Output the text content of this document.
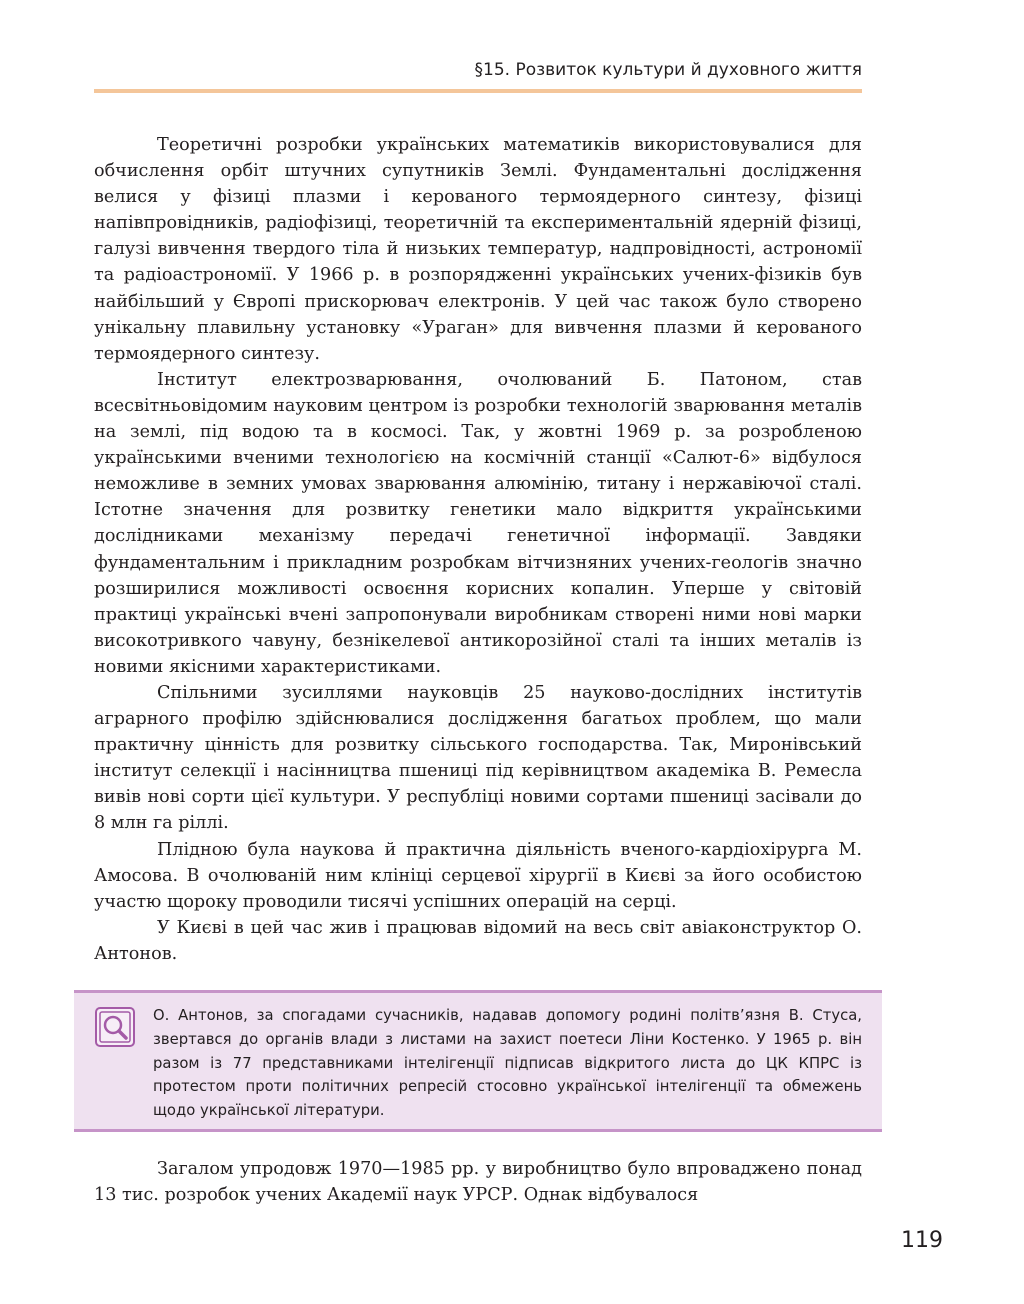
§15. Розвиток культури й духовного життя

Теоретичні розробки українських математиків використовувалися для обчислення орбіт штучних супутників Землі. Фундаментальні дослідження велися у фізиці плазми і керованого термоядерного синтезу, фізиці напівпровідників, радіофізиці, теоретичній та експериментальній ядерній фізиці, галузі вивчення твердого тіла й низьких температур, надпровідності, астрономії та радіоастрономії. У 1966 р. в розпорядженні українських учених-фізиків був найбільший у Європі прискорювач електронів. У цей час також було створено унікальну плавильну установку «Ураган» для вивчення плазми й керованого термоядерного синтезу.

Інститут електрозварювання, очолюваний Б. Патоном, став всесвітньовідомим науковим центром із розробки технологій зварювання металів на землі, під водою та в космосі. Так, у жовтні 1969 р. за розробленою українськими вченими технологією на космічній станції «Салют-6» відбулося неможливе в земних умовах зварювання алюмінію, титану і нержавіючої сталі. Істотне значення для розвитку генетики мало відкриття українськими дослідниками механізму передачі генетичної інформації. Завдяки фундаментальним і прикладним розробкам вітчизняних учених-геологів значно розширилися можливості освоєння корисних копалин. Уперше у світовій практиці українські вчені запропонували виробникам створені ними нові марки високотривкого чавуну, безнікелевої антикорозійної сталі та інших металів із новими якісними характеристиками.

Спільними зусиллями науковців 25 науково-дослідних інститутів аграрного профілю здійснювалися дослідження багатьох проблем, що мали практичну цінність для розвитку сільського господарства. Так, Миронівський інститут селекції і насінництва пшениці під керівництвом академіка В. Ремесла вивів нові сорти цієї культури. У республіці новими сортами пшениці засівали до 8 млн га ріллі.

Плідною була наукова й практична діяльність вченого-кардіохірурга М. Амосова. В очолюваній ним клініці серцевої хірургії в Києві за його особистою участю щороку проводили тисячі успішних операцій на серці.

У Києві в цей час жив і працював відомий на весь світ авіаконструктор О. Антонов.

О. Антонов, за спогадами сучасників, надавав допомогу родині політв’язня В. Стуса, звертався до органів влади з листами на захист поетеси Ліни Костенко. У 1965 р. він разом із 77 представниками інтелігенції підписав відкритого листа до ЦК КПРС із протестом проти політичних репресій стосовно української інтелігенції та обмежень щодо української літератури.

Загалом упродовж 1970—1985 рр. у виробництво було впроваджено понад 13 тис. розробок учених Академії наук УРСР. Однак відбувалося

119
